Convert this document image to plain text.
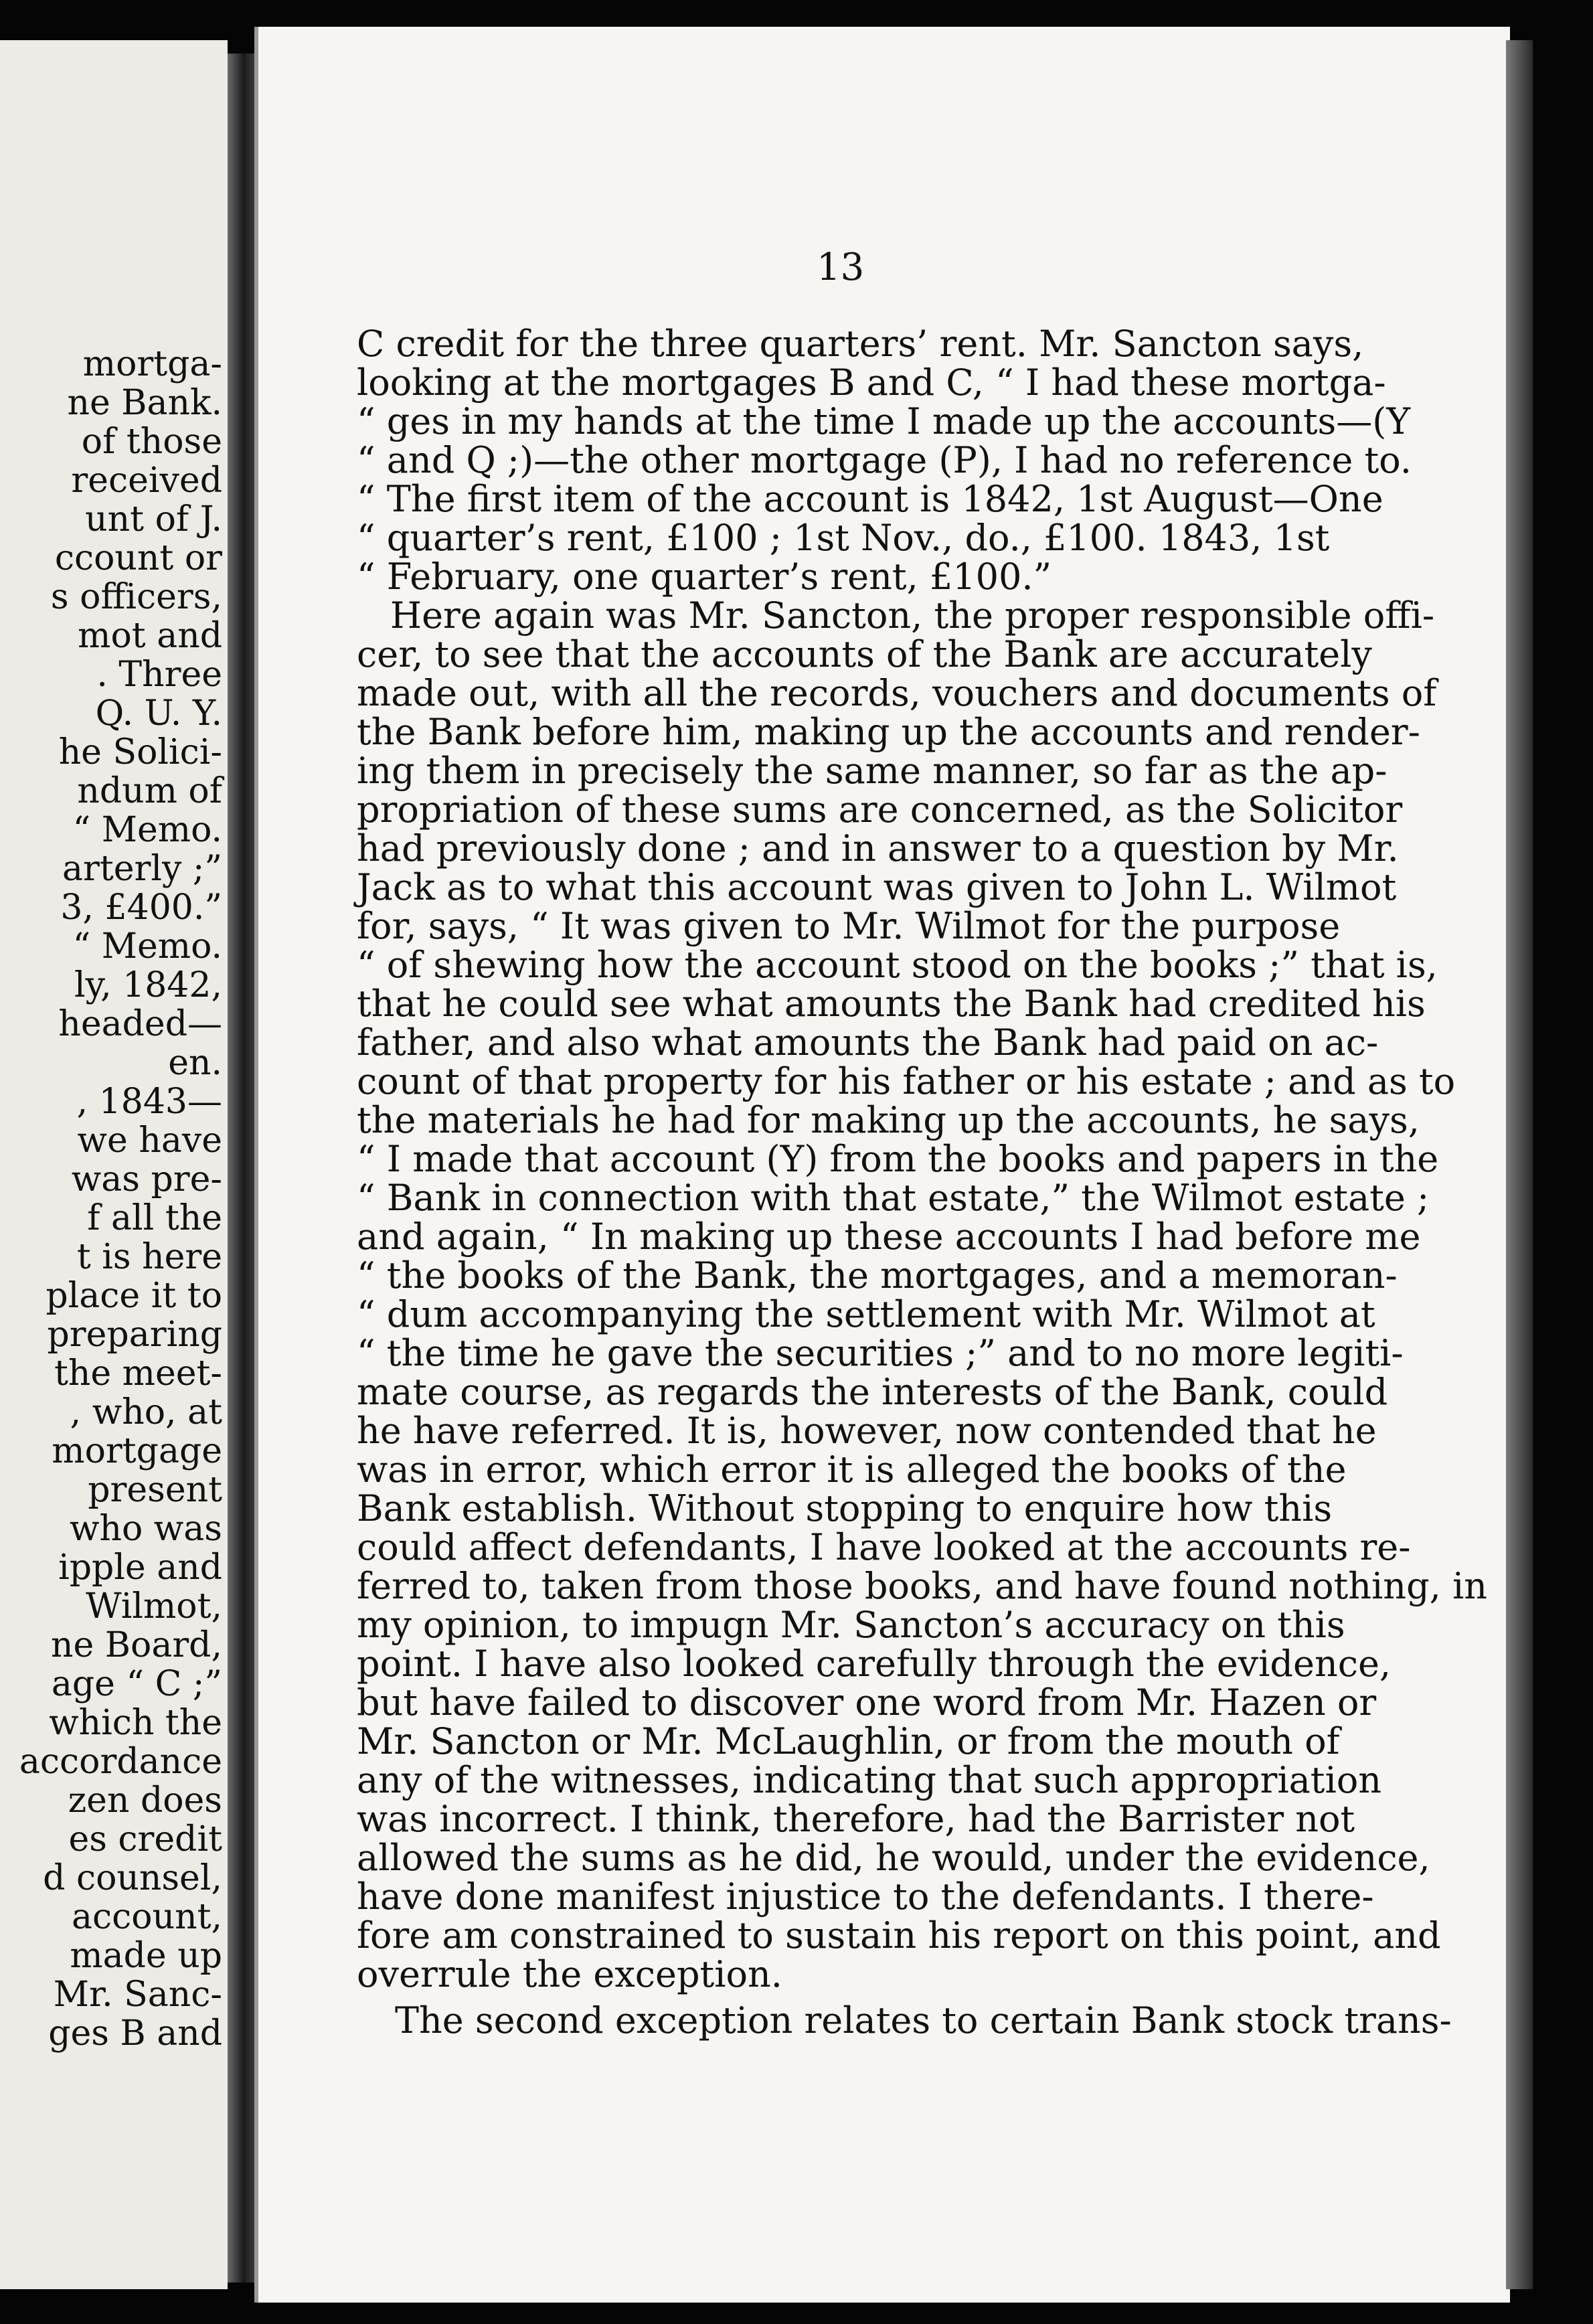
mortga-
ne Bank.
of those
received
unt of J.
ccount or
s officers,
mot and
. Three
Q. U. Y.
he Solici-
ndum of
“ Memo.
arterly ;”
3, £400.”
“ Memo.
ly, 1842,
headed—
en.
, 1843—
we have
was pre-
f all the
t is here
place it to
preparing
the meet-
, who, at
mortgage
present
who was
ipple and
Wilmot,
ne Board,
age “ C ;”
which the
accordance
zen does
es credit
d counsel,
account,
made up
Mr. Sanc-
ges B and
13
C credit for the three quarters’ rent. Mr. Sancton says,
looking at the mortgages B and C, “ I had these mortga-
“ ges in my hands at the time I made up the accounts—(Y
“ and Q ;)—the other mortgage (P), I had no reference to.
“ The first item of the account is 1842, 1st August—One
“ quarter’s rent, £100 ; 1st Nov., do., £100. 1843, 1st
“ February, one quarter’s rent, £100.”
Here again was Mr. Sancton, the proper responsible offi-
cer, to see that the accounts of the Bank are accurately
made out, with all the records, vouchers and documents of
the Bank before him, making up the accounts and render-
ing them in precisely the same manner, so far as the ap-
propriation of these sums are concerned, as the Solicitor
had previously done ; and in answer to a question by Mr.
Jack as to what this account was given to John L. Wilmot
for, says, “ It was given to Mr. Wilmot for the purpose
“ of shewing how the account stood on the books ;” that is,
that he could see what amounts the Bank had credited his
father, and also what amounts the Bank had paid on ac-
count of that property for his father or his estate ; and as to
the materials he had for making up the accounts, he says,
“ I made that account (Y) from the books and papers in the
“ Bank in connection with that estate,” the Wilmot estate ;
and again, “ In making up these accounts I had before me
“ the books of the Bank, the mortgages, and a memoran-
“ dum accompanying the settlement with Mr. Wilmot at
“ the time he gave the securities ;” and to no more legiti-
mate course, as regards the interests of the Bank, could
he have referred. It is, however, now contended that he
was in error, which error it is alleged the books of the
Bank establish. Without stopping to enquire how this
could affect defendants, I have looked at the accounts re-
ferred to, taken from those books, and have found nothing, in
my opinion, to impugn Mr. Sancton’s accuracy on this
point. I have also looked carefully through the evidence,
but have failed to discover one word from Mr. Hazen or
Mr. Sancton or Mr. McLaughlin, or from the mouth of
any of the witnesses, indicating that such appropriation
was incorrect. I think, therefore, had the Barrister not
allowed the sums as he did, he would, under the evidence,
have done manifest injustice to the defendants. I there-
fore am constrained to sustain his report on this point, and
overrule the exception.
The second exception relates to certain Bank stock trans-
